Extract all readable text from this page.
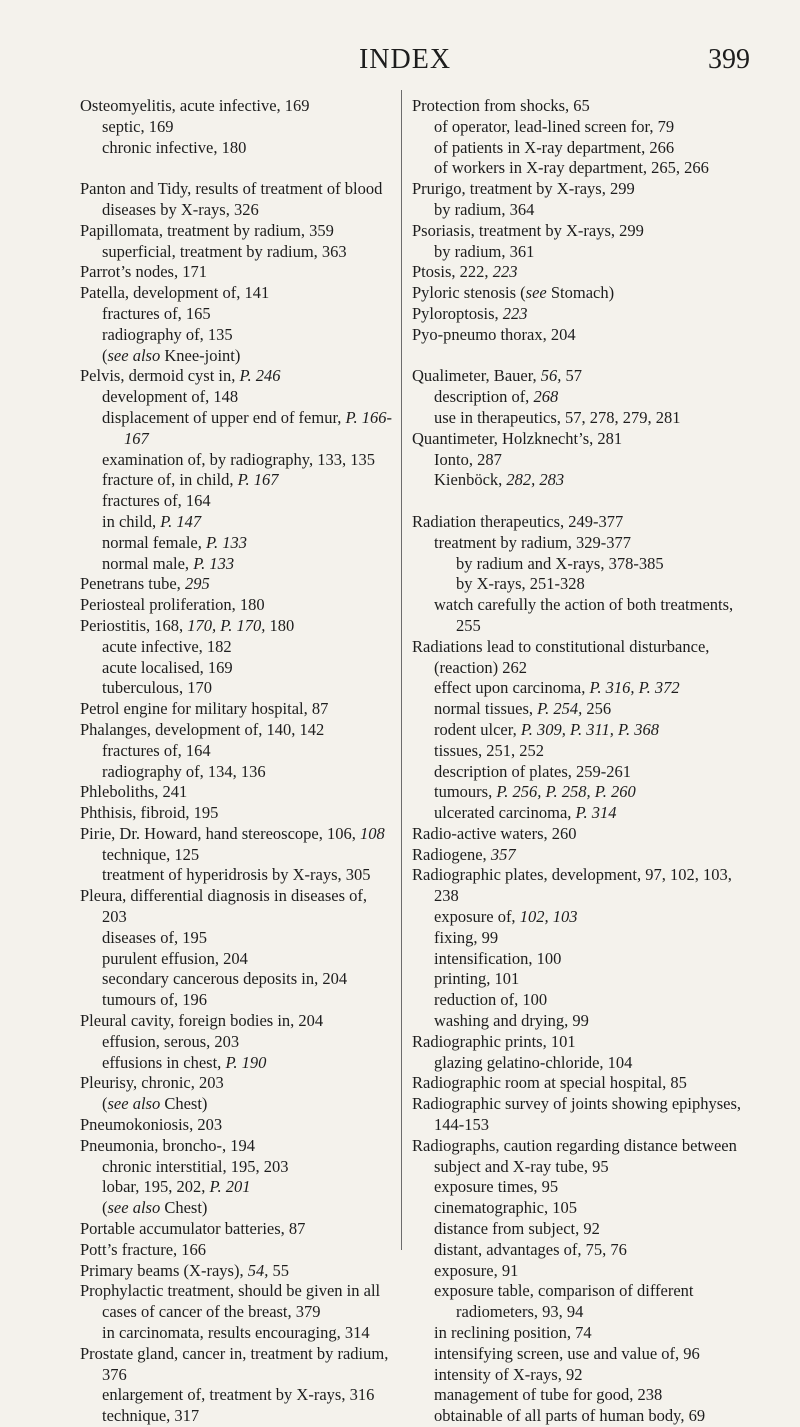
INDEX	399

Osteomyelitis, acute infective, 169

septic, 169

chronic infective, 180

Panton and Tidy, results of treatment of blood diseases by X-rays, 326

Papillomata, treatment by radium, 359

superficial, treatment by radium, 363

Parrot’s nodes, 171

Patella, development of, 141

fractures of, 165

radiography of, 135

(see also Knee-joint)

Pelvis, dermoid cyst in, P. 246

development of, 148

displacement of upper end of femur, P. 166-167

examination of, by radiography, 133, 135

fracture of, in child, P. 167

fractures of, 164

in child, P. 147

normal female, P. 133

normal male, P. 133

Penetrans tube, 295

Periosteal proliferation, 180

Periostitis, 168, 170, P. 170, 180

acute infective, 182

acute localised, 169

tuberculous, 170

Petrol engine for military hospital, 87

Phalanges, development of, 140, 142

fractures of, 164

radiography of, 134, 136

Phleboliths, 241

Phthisis, fibroid, 195

Pirie, Dr. Howard, hand stereoscope, 106, 108

technique, 125

treatment of hyperidrosis by X-rays, 305

Pleura, differential diagnosis in diseases of, 203

diseases of, 195

purulent effusion, 204

secondary cancerous deposits in, 204

tumours of, 196

Pleural cavity, foreign bodies in, 204

effusion, serous, 203

effusions in chest, P. 190

Pleurisy, chronic, 203

(see also Chest)

Pneumokoniosis, 203

Pneumonia, broncho-, 194

chronic interstitial, 195, 203

lobar, 195, 202, P. 201

(see also Chest)

Portable accumulator batteries, 87

Pott’s fracture, 166

Primary beams (X-rays), 54, 55

Prophylactic treatment, should be given in all cases of cancer of the breast, 379

in carcinomata, results encouraging, 314

Prostate gland, cancer in, treatment by radium, 376

enlargement of, treatment by X-rays, 316

technique, 317

Protection from shocks, 65

of operator, lead-lined screen for, 79

of patients in X-ray department, 266

of workers in X-ray department, 265, 266

Prurigo, treatment by X-rays, 299

by radium, 364

Psoriasis, treatment by X-rays, 299

by radium, 361

Ptosis, 222, 223

Pyloric stenosis (see Stomach)

Pyloroptosis, 223

Pyo-pneumo thorax, 204

Qualimeter, Bauer, 56, 57

description of, 268

use in therapeutics, 57, 278, 279, 281

Quantimeter, Holzknecht’s, 281

Ionto, 287

Kienböck, 282, 283

Radiation therapeutics, 249-377

treatment by radium, 329-377

by radium and X-rays, 378-385

by X-rays, 251-328

watch carefully the action of both treatments, 255

Radiations lead to constitutional disturbance, (reaction) 262

effect upon carcinoma, P. 316, P. 372

normal tissues, P. 254, 256

rodent ulcer, P. 309, P. 311, P. 368

tissues, 251, 252

description of plates, 259-261

tumours, P. 256, P. 258, P. 260

ulcerated carcinoma, P. 314

Radio-active waters, 260

Radiogene, 357

Radiographic plates, development, 97, 102, 103, 238

exposure of, 102, 103

fixing, 99

intensification, 100

printing, 101

reduction of, 100

washing and drying, 99

Radiographic prints, 101

glazing gelatino-chloride, 104

Radiographic room at special hospital, 85

Radiographic survey of joints showing epiphyses, 144-153

Radiographs, caution regarding distance between subject and X-ray tube, 95

exposure times, 95

cinematographic, 105

distance from subject, 92

distant, advantages of, 75, 76

exposure, 91

exposure table, comparison of different radiometers, 93, 94

in reclining position, 74

intensifying screen, use and value of, 96

intensity of X-rays, 92

management of tube for good, 238

obtainable of all parts of human body, 69
